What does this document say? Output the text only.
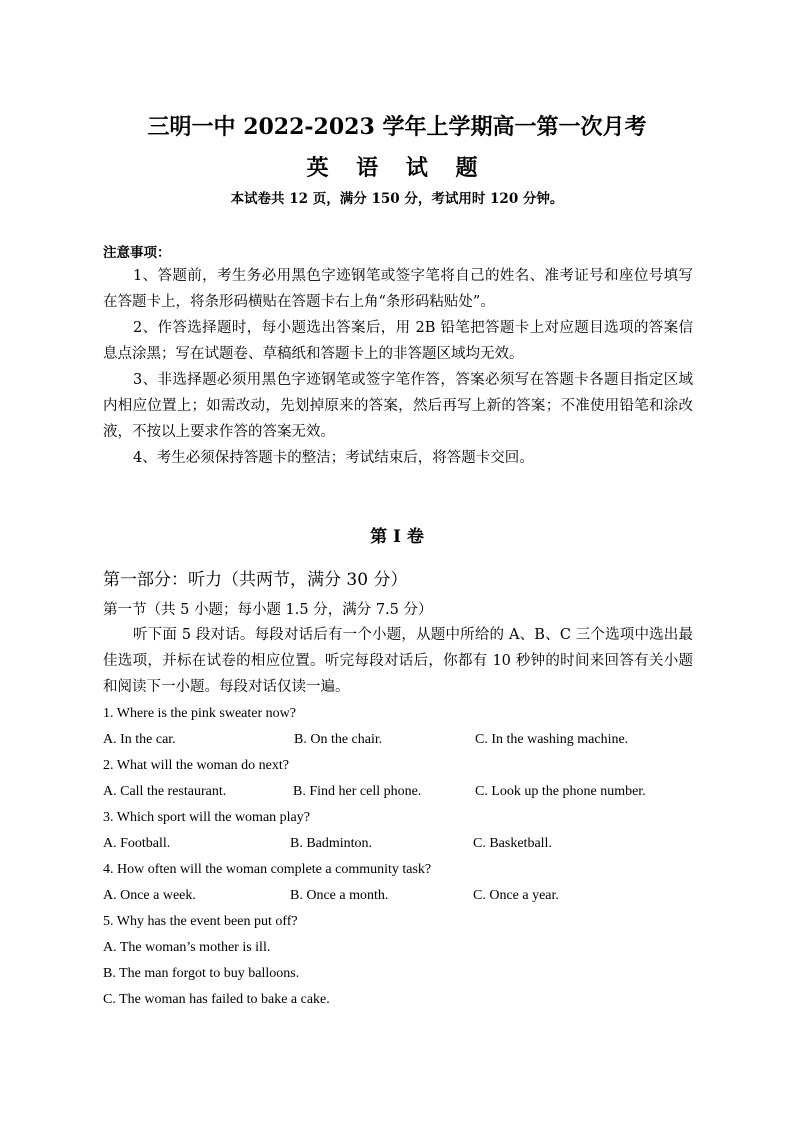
三明一中 2022-2023 学年上学期高一第一次月考
英 语 试 题
本试卷共 12 页，满分 150 分，考试用时 120 分钟。
注意事项：

1、答题前，考生务必用黑色字迹钢笔或签字笔将自己的姓名、准考证号和座位号填写在答题卡上，将条形码横贴在答题卡右上角“条形码粘贴处”。

2、作答选择题时，每小题选出答案后，用 2B 铅笔把答题卡上对应题目选项的答案信息点涂黑；写在试题卷、草稿纸和答题卡上的非答题区域均无效。

3、非选择题必须用黑色字迹钢笔或签字笔作答，答案必须写在答题卡各题目指定区域内相应位置上；如需改动，先划掉原来的答案，然后再写上新的答案；不准使用铅笔和涂改液，不按以上要求作答的答案无效。

4、考生必须保持答题卡的整洁；考试结束后，将答题卡交回。

第 I 卷
第一部分：听力（共两节，满分 30 分）
第一节（共 5 小题；每小题 1.5 分，满分 7.5 分）

听下面 5 段对话。每段对话后有一个小题，从题中所给的 A、B、C 三个选项中选出最佳选项，并标在试卷的相应位置。听完每段对话后，你都有 10 秒钟的时间来回答有关小题和阅读下一小题。每段对话仅读一遍。

1. Where is the pink sweater now?
A. In the car.	B. On the chair.	C. In the washing machine.
2. What will the woman do next?
A. Call the restaurant.	B. Find her cell phone.	C. Look up the phone number.
3. Which sport will the woman play?
A. Football.	B. Badminton.	C. Basketball.
4. How often will the woman complete a community task?
A. Once a week.	B. Once a month.	C. Once a year.
5. Why has the event been put off?
A. The woman’s mother is ill.
B. The man forgot to buy balloons.
C. The woman has failed to bake a cake.
